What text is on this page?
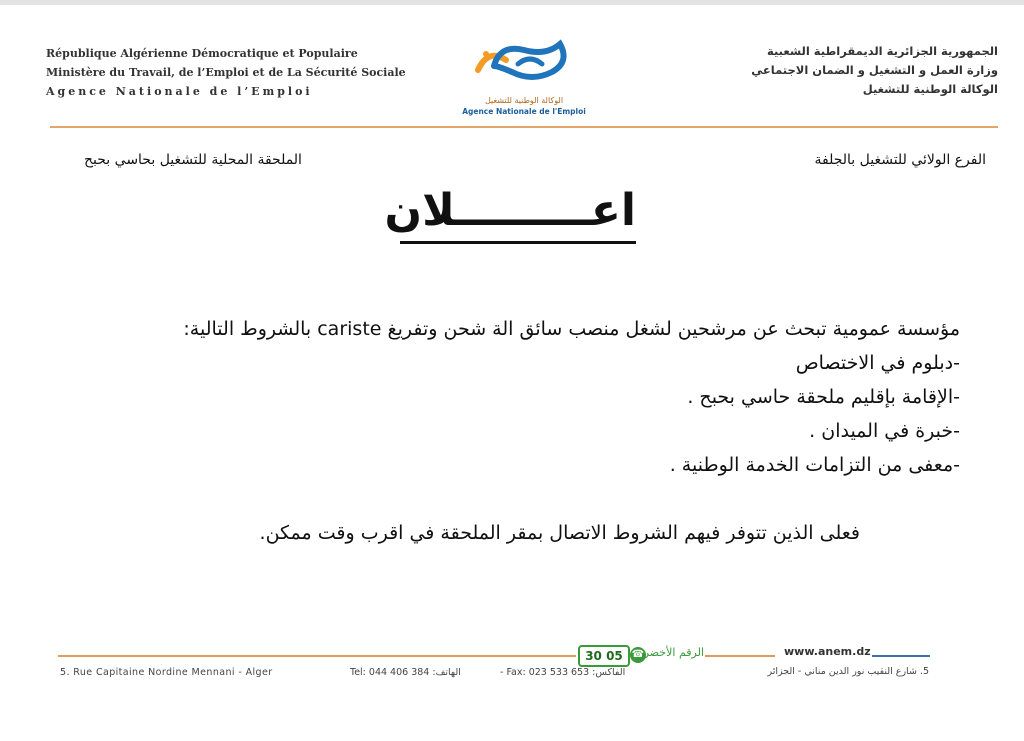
République Algérienne Démocratique et Populaire
Ministère du Travail, de l’Emploi et de La Sécurité Sociale
Agence Nationale de l’Emploi
الوكالة الوطنية للتشغيل
Agence Nationale de l'Emploi
الجمهورية الجزائرية الديمقراطية الشعبية
وزارة العمل و التشغيل و الضمان الاجتماعي
الوكالة الوطنية للتشغيل
الفرع الولائي للتشغيل بالجلفة
الملحقة المحلية للتشغيل بحاسي بحبح
اعـــــــــلان
مؤسسة عمومية تبحث عن مرشحين لشغل منصب سائق الة شحن وتفريغ cariste بالشروط التالية:
-دبلوم في الاختصاص
-الإقامة بإقليم ملحقة حاسي بحبح .
-خبرة في الميدان .
-معفى من التزامات الخدمة الوطنية .
فعلى الذين تتوفر فيهم الشروط الاتصال بمقر الملحقة في اقرب وقت ممكن.
30 05 ☎ الرقم الأخضر	www.anem.dz
5. Rue Capitaine Nordine Mennani - Alger	Tel: 044 406 384 :الهاتف	- Fax: 023 533 653 :الفاكس	5. شارع النقيب نور الدين مناني - الجزائر
